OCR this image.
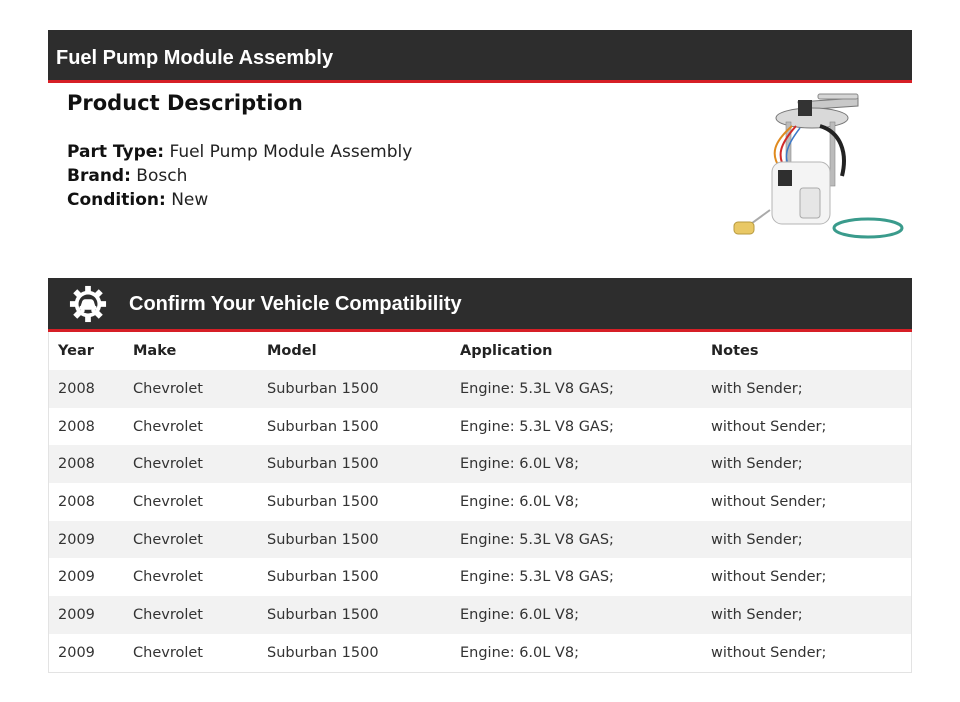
Fuel Pump Module Assembly
Product Description
Part Type: Fuel Pump Module Assembly
Brand: Bosch
Condition: New
Confirm Your Vehicle Compatibility
Year	Make	Model	Application	Notes
2008	Chevrolet	Suburban 1500	Engine: 5.3L V8 GAS;	with Sender;
2008	Chevrolet	Suburban 1500	Engine: 5.3L V8 GAS;	without Sender;
2008	Chevrolet	Suburban 1500	Engine: 6.0L V8;	with Sender;
2008	Chevrolet	Suburban 1500	Engine: 6.0L V8;	without Sender;
2009	Chevrolet	Suburban 1500	Engine: 5.3L V8 GAS;	with Sender;
2009	Chevrolet	Suburban 1500	Engine: 5.3L V8 GAS;	without Sender;
2009	Chevrolet	Suburban 1500	Engine: 6.0L V8;	with Sender;
2009	Chevrolet	Suburban 1500	Engine: 6.0L V8;	without Sender;
